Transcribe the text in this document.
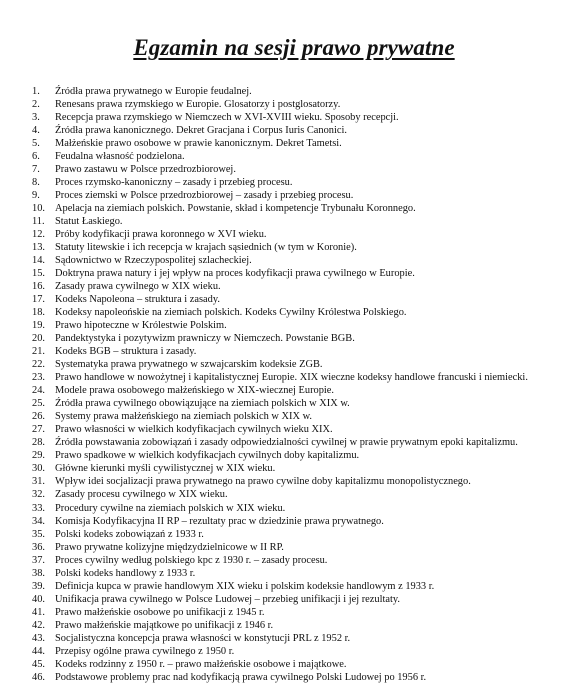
Egzamin na sesji prawo prywatne
1.	Źródła prawa prywatnego w Europie feudalnej.
2.	Renesans prawa rzymskiego w Europie. Glosatorzy i postglosatorzy.
3.	Recepcja prawa rzymskiego w Niemczech w XVI-XVIII wieku. Sposoby recepcji.
4.	Źródła prawa kanonicznego. Dekret Gracjana i Corpus Iuris Canonici.
5.	Małżeńskie prawo osobowe w prawie kanonicznym. Dekret Tametsi.
6.	Feudalna własność podzielona.
7.	Prawo zastawu w Polsce przedrozbiorowej.
8.	Proces rzymsko-kanoniczny – zasady i przebieg procesu.
9.	Proces ziemski w Polsce przedrozbiorowej – zasady i przebieg procesu.
10. Apelacja na ziemiach polskich. Powstanie, skład i kompetencje Trybunału Koronnego.
11. Statut Łaskiego.
12. Próby kodyfikacji prawa koronnego w XVI wieku.
13. Statuty litewskie i ich recepcja w krajach sąsiednich (w tym w Koronie).
14. Sądownictwo w Rzeczypospolitej szlacheckiej.
15. Doktryna prawa natury i jej wpływ na proces kodyfikacji prawa cywilnego w Europie.
16. Zasady prawa cywilnego w XIX wieku.
17. Kodeks Napoleona – struktura i zasady.
18. Kodeksy napoleońskie na ziemiach polskich. Kodeks Cywilny Królestwa Polskiego.
19. Prawo hipoteczne w Królestwie Polskim.
20. Pandektystyka i pozytywizm prawniczy w Niemczech. Powstanie BGB.
21. Kodeks BGB – struktura i zasady.
22. Systematyka prawa prywatnego w szwajcarskim kodeksie ZGB.
23. Prawo handlowe w nowożytnej i kapitalistycznej Europie. XIX wieczne kodeksy handlowe francuski i niemiecki.
24. Modele prawa osobowego małżeńskiego w XIX-wiecznej Europie.
25. Źródła prawa cywilnego obowiązujące na ziemiach polskich w XIX w.
26. Systemy prawa małżeńskiego na ziemiach polskich w XIX w.
27. Prawo własności w wielkich kodyfikacjach cywilnych wieku XIX.
28. Źródła powstawania zobowiązań i zasady odpowiedzialności cywilnej w prawie prywatnym epoki kapitalizmu.
29. Prawo spadkowe w wielkich kodyfikacjach cywilnych doby kapitalizmu.
30. Główne kierunki myśli cywilistycznej w XIX wieku.
31. Wpływ idei socjalizacji prawa prywatnego na prawo cywilne doby kapitalizmu monopolistycznego.
32. Zasady procesu cywilnego w XIX wieku.
33. Procedury cywilne na ziemiach polskich w XIX wieku.
34. Komisja Kodyfikacyjna II RP – rezultaty prac w dziedzinie prawa prywatnego.
35. Polski kodeks zobowiązań z 1933 r.
36. Prawo prywatne kolizyjne międzydzielnicowe w II RP.
37. Proces cywilny według polskiego kpc z 1930 r. – zasady procesu.
38. Polski kodeks handlowy z 1933 r.
39. Definicja kupca w prawie handlowym XIX wieku i polskim kodeksie handlowym z 1933 r.
40. Unifikacja prawa cywilnego w Polsce Ludowej – przebieg unifikacji i jej rezultaty.
41. Prawo małżeńskie osobowe po unifikacji z 1945 r.
42. Prawo małżeńskie majątkowe po unifikacji z 1946 r.
43. Socjalistyczna koncepcja prawa własności w konstytucji PRL z 1952 r.
44. Przepisy ogólne prawa cywilnego z 1950 r.
45. Kodeks rodzinny z 1950 r. – prawo małżeńskie osobowe i majątkowe.
46. Podstawowe problemy prac nad kodyfikacją prawa cywilnego Polski Ludowej po 1956 r.
